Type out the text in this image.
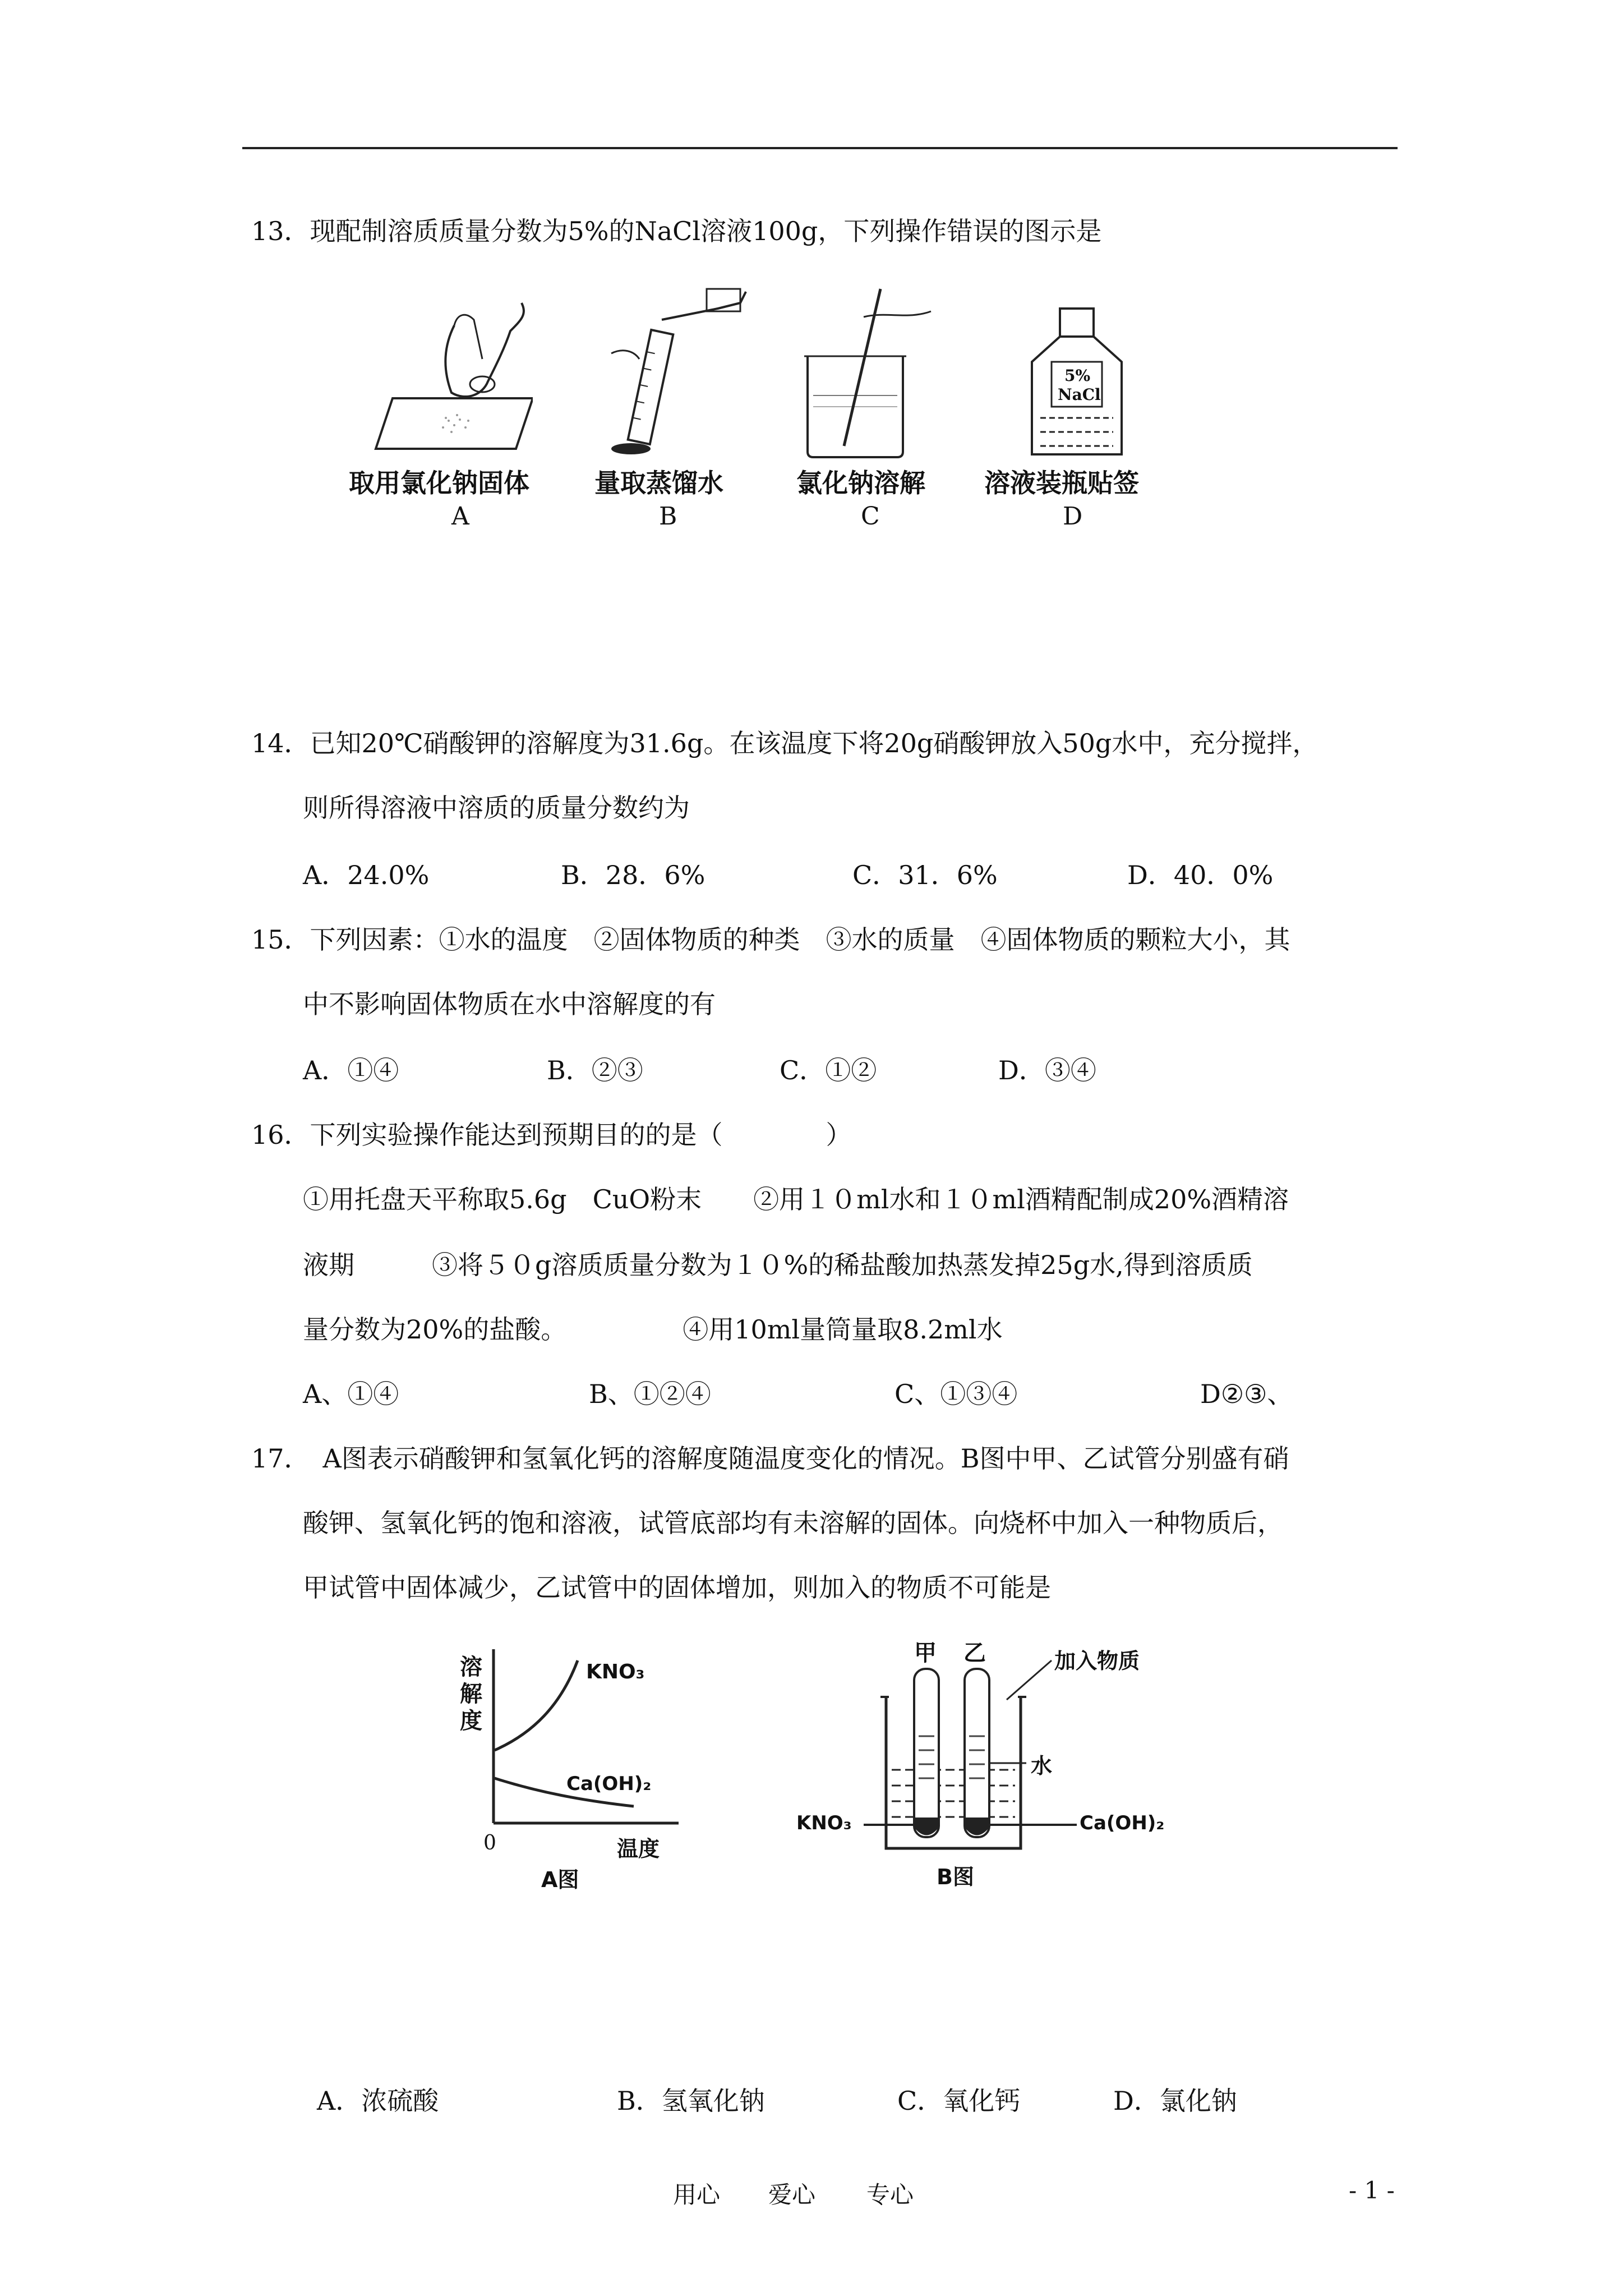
13．现配制溶质质量分数为5%的NaCl溶液100g，下列操作错误的图示是
取用氯化钠固体
A
量取蒸馏水
B
氯化钠溶解
C
5%
NaCl
溶液装瓶贴签
D
14．已知20℃硝酸钾的溶解度为31.6g。在该温度下将20g硝酸钾放入50g水中，充分搅拌，
则所得溶液中溶质的质量分数约为
A．24.0%	B．28．6%	C．31．6%	D．40．0%
15．下列因素：①水的温度　②固体物质的种类　③水的质量　④固体物质的颗粒大小，其
中不影响固体物质在水中溶解度的有
A．①④	B．②③	C．①②	D．③④
16．下列实验操作能达到预期目的的是（　　　　）
①用托盘天平称取5.6g　CuO粉末　　②用１０ml水和１０ml酒精配制成20%酒精溶
液期　　　③将５０g溶质质量分数为１０%的稀盐酸加热蒸发掉25g水,得到溶质质
量分数为20%的盐酸。　　　　　④用10ml量筒量取8.2ml水
A、①④	B、①②④	C、①③④	D②③、
17．　A图表示硝酸钾和氢氧化钙的溶解度随温度变化的情况。B图中甲、乙试管分别盛有硝
酸钾、氢氧化钙的饱和溶液，试管底部均有未溶解的固体。向烧杯中加入一种物质后，
甲试管中固体减少，乙试管中的固体增加，则加入的物质不可能是
溶
解
度
KNO₃
Ca(OH)₂
0	温度
A图
甲 乙	加入物质
水
KNO₃	Ca(OH)₂
B图
A．浓硫酸	B．氢氧化钠	C．氧化钙	D．氯化钠
用心 爱心 专心	- 1 -
